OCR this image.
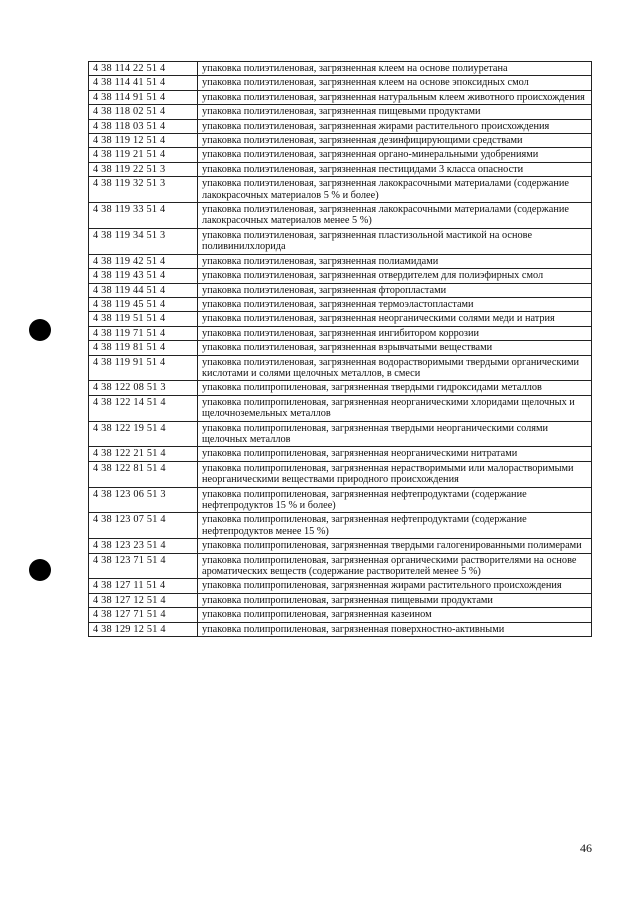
4 38 114 22 51 4	упаковка полиэтиленовая, загрязненная клеем на основе полиуретана
4 38 114 41 51 4	упаковка полиэтиленовая, загрязненная клеем на основе эпоксидных смол
4 38 114 91 51 4	упаковка полиэтиленовая, загрязненная натуральным клеем животного происхождения
4 38 118 02 51 4	упаковка полиэтиленовая, загрязненная пищевыми продуктами
4 38 118 03 51 4	упаковка полиэтиленовая, загрязненная жирами растительного происхождения
4 38 119 12 51 4	упаковка полиэтиленовая, загрязненная дезинфицирующими средствами
4 38 119 21 51 4	упаковка полиэтиленовая, загрязненная органо-минеральными удобрениями
4 38 119 22 51 3	упаковка полиэтиленовая, загрязненная пестицидами 3 класса опасности
4 38 119 32 51 3	упаковка полиэтиленовая, загрязненная лакокрасочными материалами (содержание лакокрасочных материалов 5 % и более)
4 38 119 33 51 4	упаковка полиэтиленовая, загрязненная лакокрасочными материалами (содержание лакокрасочных материалов менее 5 %)
4 38 119 34 51 3	упаковка полиэтиленовая, загрязненная пластизольной мастикой на основе поливинилхлорида
4 38 119 42 51 4	упаковка полиэтиленовая, загрязненная полиамидами
4 38 119 43 51 4	упаковка полиэтиленовая, загрязненная отвердителем для полиэфирных смол
4 38 119 44 51 4	упаковка полиэтиленовая, загрязненная фторопластами
4 38 119 45 51 4	упаковка полиэтиленовая, загрязненная термоэластопластами
4 38 119 51 51 4	упаковка полиэтиленовая, загрязненная неорганическими солями меди и натрия
4 38 119 71 51 4	упаковка полиэтиленовая, загрязненная ингибитором коррозии
4 38 119 81 51 4	упаковка полиэтиленовая, загрязненная взрывчатыми веществами
4 38 119 91 51 4	упаковка полиэтиленовая, загрязненная водорастворимыми твердыми органическими кислотами и солями щелочных металлов, в смеси
4 38 122 08 51 3	упаковка полипропиленовая, загрязненная твердыми гидроксидами металлов
4 38 122 14 51 4	упаковка полипропиленовая, загрязненная неорганическими хлоридами щелочных и щелочноземельных металлов
4 38 122 19 51 4	упаковка полипропиленовая, загрязненная твердыми неорганическими солями щелочных металлов
4 38 122 21 51 4	упаковка полипропиленовая, загрязненная неорганическими нитратами
4 38 122 81 51 4	упаковка полипропиленовая, загрязненная нерастворимыми или малорастворимыми неорганическими веществами природного происхождения
4 38 123 06 51 3	упаковка полипропиленовая, загрязненная нефтепродуктами (содержание нефтепродуктов 15 % и более)
4 38 123 07 51 4	упаковка полипропиленовая, загрязненная нефтепродуктами (содержание нефтепродуктов менее 15 %)
4 38 123 23 51 4	упаковка полипропиленовая, загрязненная твердыми галогенированными полимерами
4 38 123 71 51 4	упаковка полипропиленовая, загрязненная органическими растворителями на основе ароматических веществ (содержание растворителей менее 5 %)
4 38 127 11 51 4	упаковка полипропиленовая, загрязненная жирами растительного происхождения
4 38 127 12 51 4	упаковка полипропиленовая, загрязненная пищевыми продуктами
4 38 127 71 51 4	упаковка полипропиленовая, загрязненная казеином
4 38 129 12 51 4	упаковка полипропиленовая, загрязненная поверхностно-активными
46
